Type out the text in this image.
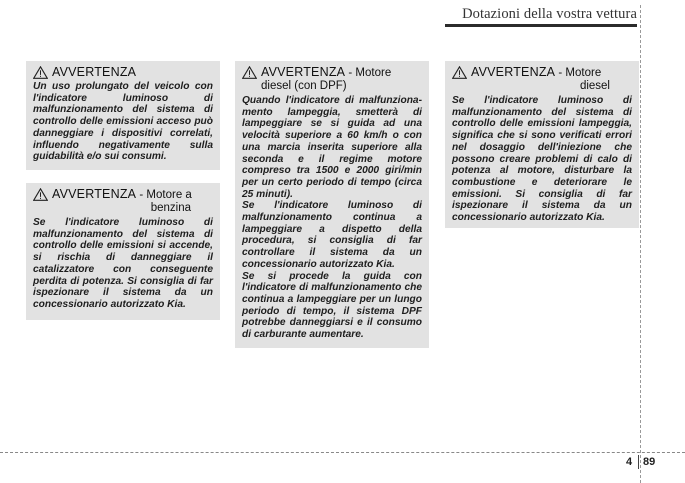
Dotazioni della vostra vettura
AVVERTENZA

Un uso prolungato del veicolo con l'indicatore luminoso di malfunzionamento del sistema di controllo delle emissioni acceso può danneggiare i dispositivi correlati, influendo negativamente sulla guidabilità e/o sui consumi.

AVVERTENZA - Motore a
benzina

Se l'indicatore luminoso di malfunzionamento del sistema di controllo delle emissioni si accende, si rischia di danneggiare il catalizzatore con conseguente perdita di potenza. Si consiglia di far ispezionare il sistema da un concessionario autorizzato Kia.

AVVERTENZA - Motore
diesel (con DPF)

Quando l'indicatore di malfunziona-mento lampeggia, smetterà di lampeggiare se si guida ad una velocità superiore a 60 km/h o con una marcia inserita superiore alla seconda e il regime motore compreso tra 1500 e 2000 giri/min per un certo periodo di tempo (circa 25 minuti).

Se l'indicatore luminoso di malfunzionamento continua a lampeggiare a dispetto della procedura, si consiglia di far controllare il sistema da un concessionario autorizzato Kia.

Se si procede la guida con l'indicatore di malfunzionamento che continua a lampeggiare per un lungo periodo di tempo, il sistema DPF potrebbe danneggiarsi e il consumo di carburante aumentare.

AVVERTENZA - Motore
diesel

Se l'indicatore luminoso di malfunzionamento del sistema di controllo delle emissioni lampeggia, significa che si sono verificati errori nel dosaggio dell'iniezione che possono creare problemi di calo di potenza al motore, disturbare la combustione e deteriorare le emissioni. Si consiglia di far ispezionare il sistema da un concessionario autorizzato Kia.

4 89
